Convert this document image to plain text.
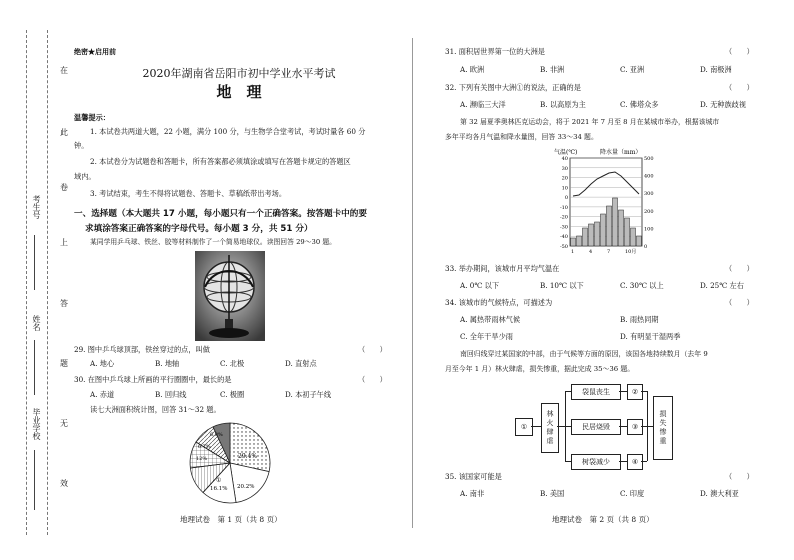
在
此
卷
上
答
题
无
效
考生号
姓名
毕业学校
绝密★启用前
2020年湖南省岳阳市初中学业水平考试
地　理
温馨提示：
1. 本试卷共两道大题，22 小题，满分 100 分，与生物学合堂考试，考试时量各 60 分
钟。
2. 本试卷分为试题卷和答题卡，所有答案都必须填涂或填写在答题卡规定的答题区
域内。
3. 考试结束，考生不得将试题卷、答题卡、草稿纸带出考场。
一、选择题（本大题共 17 小题，每小题只有一个正确答案。按答题卡中的要
求填涂答案正确答案的字母代号。每小题 3 分，共 51 分）
某同学用乒乓球、铁丝、胶等材料制作了一个简易地球仪。读图回答 29～30 题。
29. 图中乒乓球顶部，铁丝穿过的点，叫做	（　　）
A. 地心	B. 地轴	C. 北极	D. 直射点
30. 在图中乒乓球上所画的平行圈圈中，最长的是	（　　）
A. 赤道	B. 回归线	C. 极圈	D. 本初子午线
读七大洲面积统计图，回答 31～32 题。
29.4%
20.2%
16.1%
①
12%
6.7%
6.8%
地理试卷　第 1 页（共 8 页）
31. 面积居世界第一位的大洲是	（　　）
A. 欧洲	B. 非洲	C. 亚洲	D. 南极洲
32. 下列有关图中大洲①的说法，正确的是	（　　）
A. 濒临三大洋	B. 以高原为主	C. 佛塔众多	D. 无种族歧视
第 32 届夏季奥林匹克运动会，将于 2021 年 7 月至 8 月在某城市举办，根据该城市
多年平均各月气温和降水量图，回答 33～34 题。
气温(℃)	降水量（mm）
40
30
20
10
0
-10
-20
-30
-40
-50
500
400
300
200
100
0
1	4	7	10月
33. 举办期间，该城市月平均气温在	（　　）
A. 0℃ 以下	B. 10℃ 以下	C. 30℃ 以上	D. 25℃ 左右
34. 该城市的气候特点，可描述为	（　　）
A. 属热带雨林气候	B. 雨热同期
C. 全年干旱少雨	D. 有明显干湿两季
南回归线穿过某国家的中部，由于气候等方面的原因，该国各地持续数月（去年 9
月至今年 1 月）林火肆虐，损失惨重，据此完成 35～36 题。
①	林火肆虐
袋鼠丧生
民居烧毁
树袋减少
②
③
④
损失惨重
35. 该国家可能是	（　　）
A. 南非	B. 美国	C. 印度	D. 澳大利亚
地理试卷　第 2 页（共 8 页）
